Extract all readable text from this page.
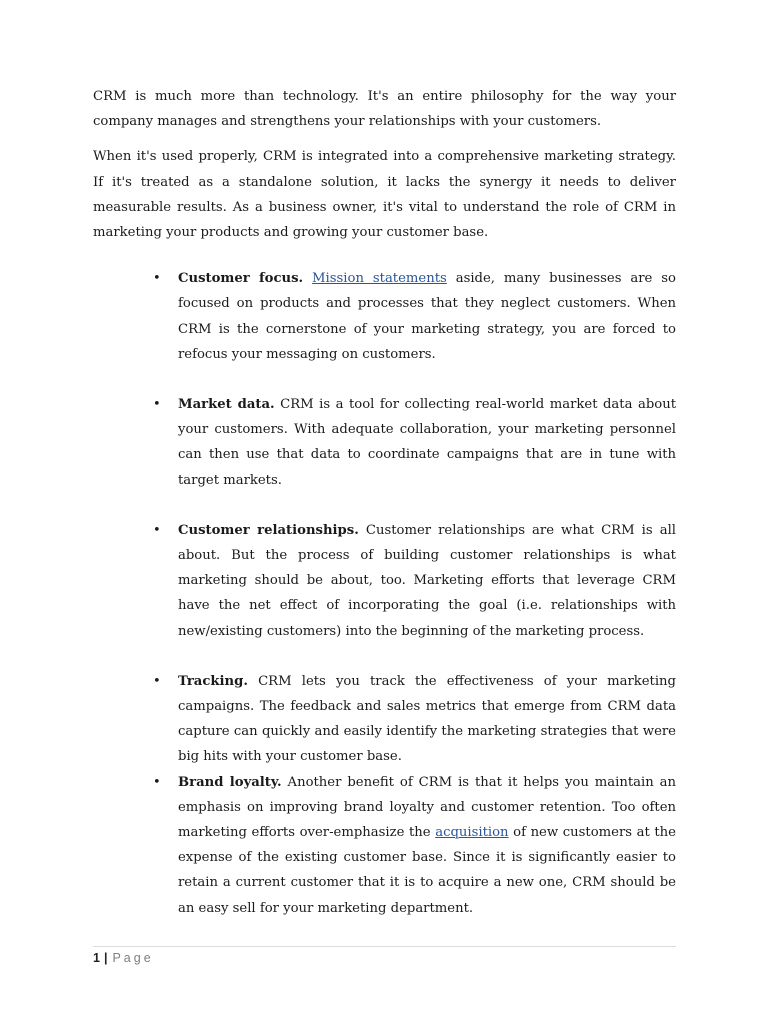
CRM is much more than technology. It's an entire philosophy for the way your company manages and strengthens your relationships with your customers.

When it's used properly, CRM is integrated into a comprehensive marketing strategy. If it's treated as a standalone solution, it lacks the synergy it needs to deliver measurable results. As a business owner, it's vital to understand the role of CRM in marketing your products and growing your customer base.

• Customer focus. Mission statements aside, many businesses are so focused on products and processes that they neglect customers. When CRM is the cornerstone of your marketing strategy, you are forced to refocus your messaging on customers.
• Market data. CRM is a tool for collecting real-world market data about your customers. With adequate collaboration, your marketing personnel can then use that data to coordinate campaigns that are in tune with target markets.
• Customer relationships. Customer relationships are what CRM is all about. But the process of building customer relationships is what marketing should be about, too. Marketing efforts that leverage CRM have the net effect of incorporating the goal (i.e. relationships with new/existing customers) into the beginning of the marketing process.
• Tracking. CRM lets you track the effectiveness of your marketing campaigns. The feedback and sales metrics that emerge from CRM data capture can quickly and easily identify the marketing strategies that were big hits with your customer base.
• Brand loyalty. Another benefit of CRM is that it helps you maintain an emphasis on improving brand loyalty and customer retention. Too often marketing efforts over-emphasize the acquisition of new customers at the expense of the existing customer base. Since it is significantly easier to retain a current customer that it is to acquire a new one, CRM should be an easy sell for your marketing department.
1 | Page
